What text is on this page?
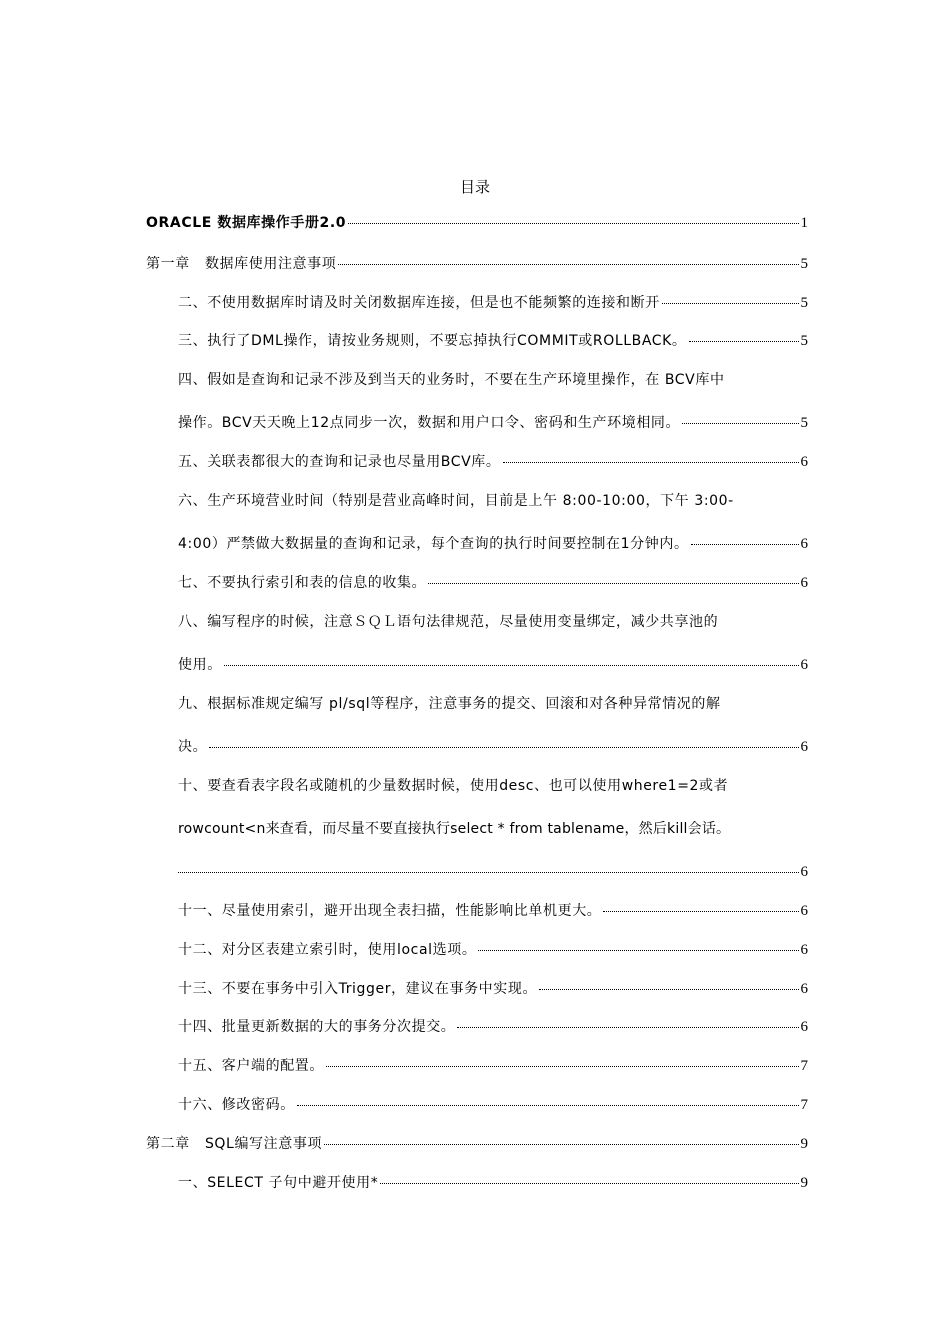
目录
ORACLE 数据库操作手册2.0	1
第一章   数据库使用注意事项	5
二、不使用数据库时请及时关闭数据库连接，但是也不能频繁的连接和断开	5
三、执行了DML操作，请按业务规则，不要忘掉执行COMMIT或ROLLBACK。	5
四、假如是查询和记录不涉及到当天的业务时，不要在生产环境里操作，在 BCV库中
操作。BCV天天晚上12点同步一次，数据和用户口令、密码和生产环境相同。	5
五、关联表都很大的查询和记录也尽量用BCV库。	6
六、生产环境营业时间（特别是营业高峰时间，目前是上午 8:00-10:00，下午 3:00-
4:00）严禁做大数据量的查询和记录，每个查询的执行时间要控制在1分钟内。	6
七、不要执行索引和表的信息的收集。	6
八、编写程序的时候，注意ＳＱＬ语句法律规范，尽量使用变量绑定，减少共享池的
使用。	6
九、根据标准规定编写 pl/sql等程序，注意事务的提交、回滚和对各种异常情况的解
决。	6
十、要查看表字段名或随机的少量数据时候，使用desc、也可以使用where1=2或者
rowcount<n来查看，而尽量不要直接执行select * from tablename，然后kill会话。
6
十一、尽量使用索引，避开出现全表扫描，性能影响比单机更大。	6
十二、对分区表建立索引时，使用local选项。	6
十三、不要在事务中引入Trigger，建议在事务中实现。	6
十四、批量更新数据的大的事务分次提交。	6
十五、客户端的配置。	7
十六、修改密码。	7
第二章   SQL编写注意事项	9
一、SELECT 子句中避开使用*	9
